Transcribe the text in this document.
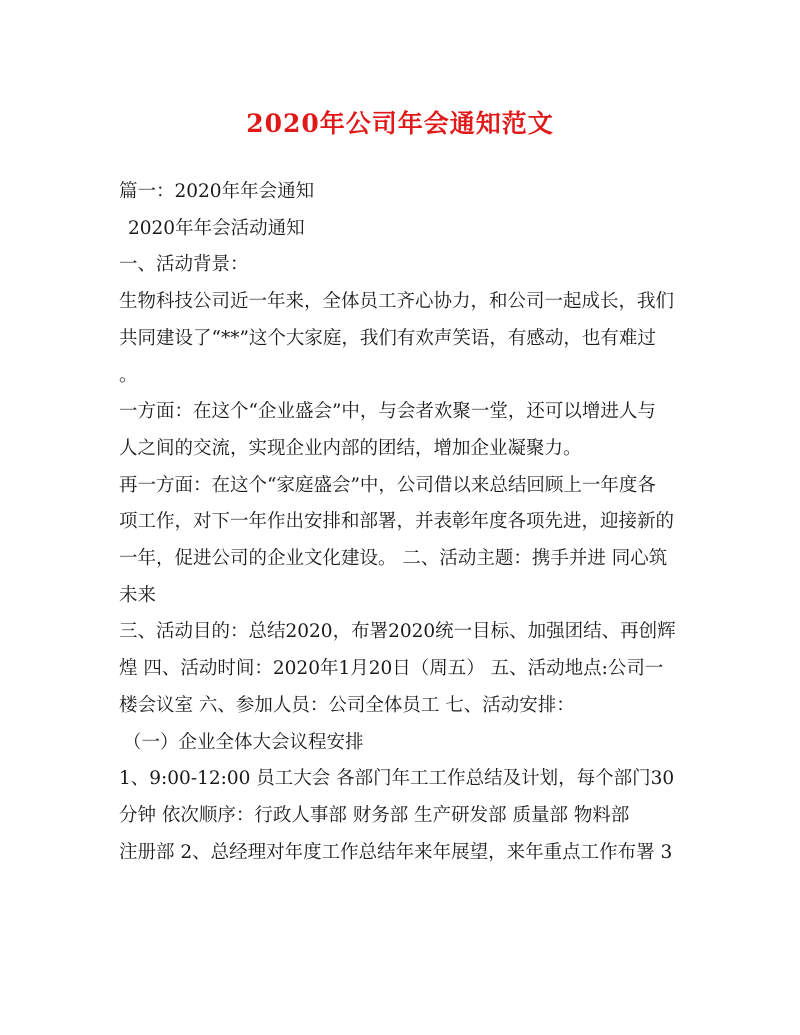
2020年公司年会通知范文

篇一：2020年年会通知

2020年年会活动通知

一、活动背景：

生物科技公司近一年来，全体员工齐心协力，和公司一起成长，我们

共同建设了“**”这个大家庭，我们有欢声笑语，有感动，也有难过

。

一方面：在这个“企业盛会”中，与会者欢聚一堂，还可以增进人与

人之间的交流，实现企业内部的团结，增加企业凝聚力。

再一方面：在这个“家庭盛会”中，公司借以来总结回顾上一年度各

项工作，对下一年作出安排和部署，并表彰年度各项先进，迎接新的

一年，促进公司的企业文化建设。 二、活动主题：携手并进 同心筑

未来

三、活动目的：总结2020，布署2020统一目标、加强团结、再创辉

煌 四、活动时间：2020年1月20日（周五） 五、活动地点:公司一

楼会议室 六、参加人员：公司全体员工 七、活动安排：

（一）企业全体大会议程安排

1、9:00-12:00 员工大会 各部门年工工作总结及计划，每个部门30

分钟 依次顺序：行政人事部 财务部 生产研发部 质量部 物料部

注册部 2、总经理对年度工作总结年来年展望，来年重点工作布署 3
